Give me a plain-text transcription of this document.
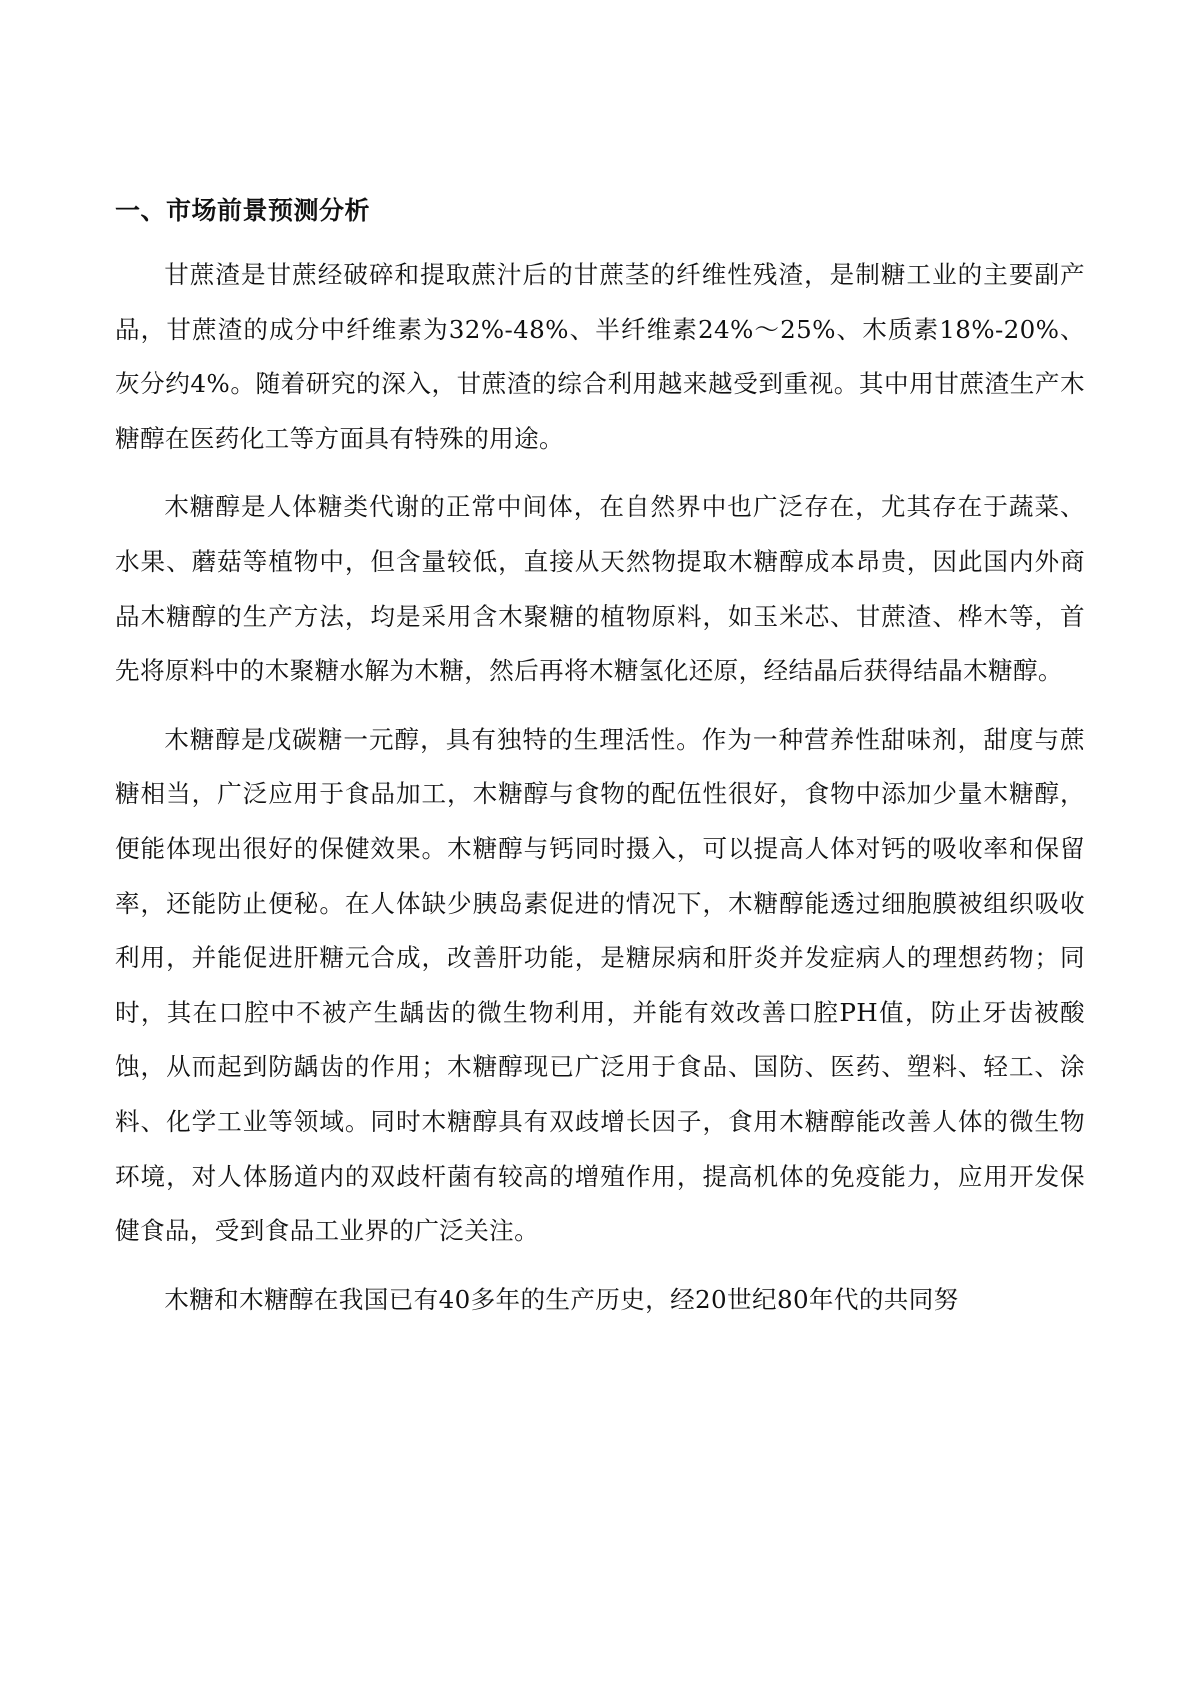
一、市场前景预测分析

甘蔗渣是甘蔗经破碎和提取蔗汁后的甘蔗茎的纤维性残渣，是制糖工业的主要副产品，甘蔗渣的成分中纤维素为32%-48%、半纤维素24%～25%、木质素18%-20%、灰分约4%。随着研究的深入，甘蔗渣的综合利用越来越受到重视。其中用甘蔗渣生产木糖醇在医药化工等方面具有特殊的用途。

木糖醇是人体糖类代谢的正常中间体，在自然界中也广泛存在，尤其存在于蔬菜、水果、蘑菇等植物中，但含量较低，直接从天然物提取木糖醇成本昂贵，因此国内外商品木糖醇的生产方法，均是采用含木聚糖的植物原料，如玉米芯、甘蔗渣、桦木等，首先将原料中的木聚糖水解为木糖，然后再将木糖氢化还原，经结晶后获得结晶木糖醇。

木糖醇是戊碳糖一元醇，具有独特的生理活性。作为一种营养性甜味剂，甜度与蔗糖相当，广泛应用于食品加工，木糖醇与食物的配伍性很好，食物中添加少量木糖醇，便能体现出很好的保健效果。木糖醇与钙同时摄入，可以提高人体对钙的吸收率和保留率，还能防止便秘。在人体缺少胰岛素促进的情况下，木糖醇能透过细胞膜被组织吸收利用，并能促进肝糖元合成，改善肝功能，是糖尿病和肝炎并发症病人的理想药物；同时，其在口腔中不被产生龋齿的微生物利用，并能有效改善口腔PH值，防止牙齿被酸蚀，从而起到防龋齿的作用；木糖醇现已广泛用于食品、国防、医药、塑料、轻工、涂料、化学工业等领域。同时木糖醇具有双歧增长因子，食用木糖醇能改善人体的微生物环境，对人体肠道内的双歧杆菌有较高的增殖作用，提高机体的免疫能力，应用开发保健食品，受到食品工业界的广泛关注。

木糖和木糖醇在我国已有40多年的生产历史，经20世纪80年代的共同努
